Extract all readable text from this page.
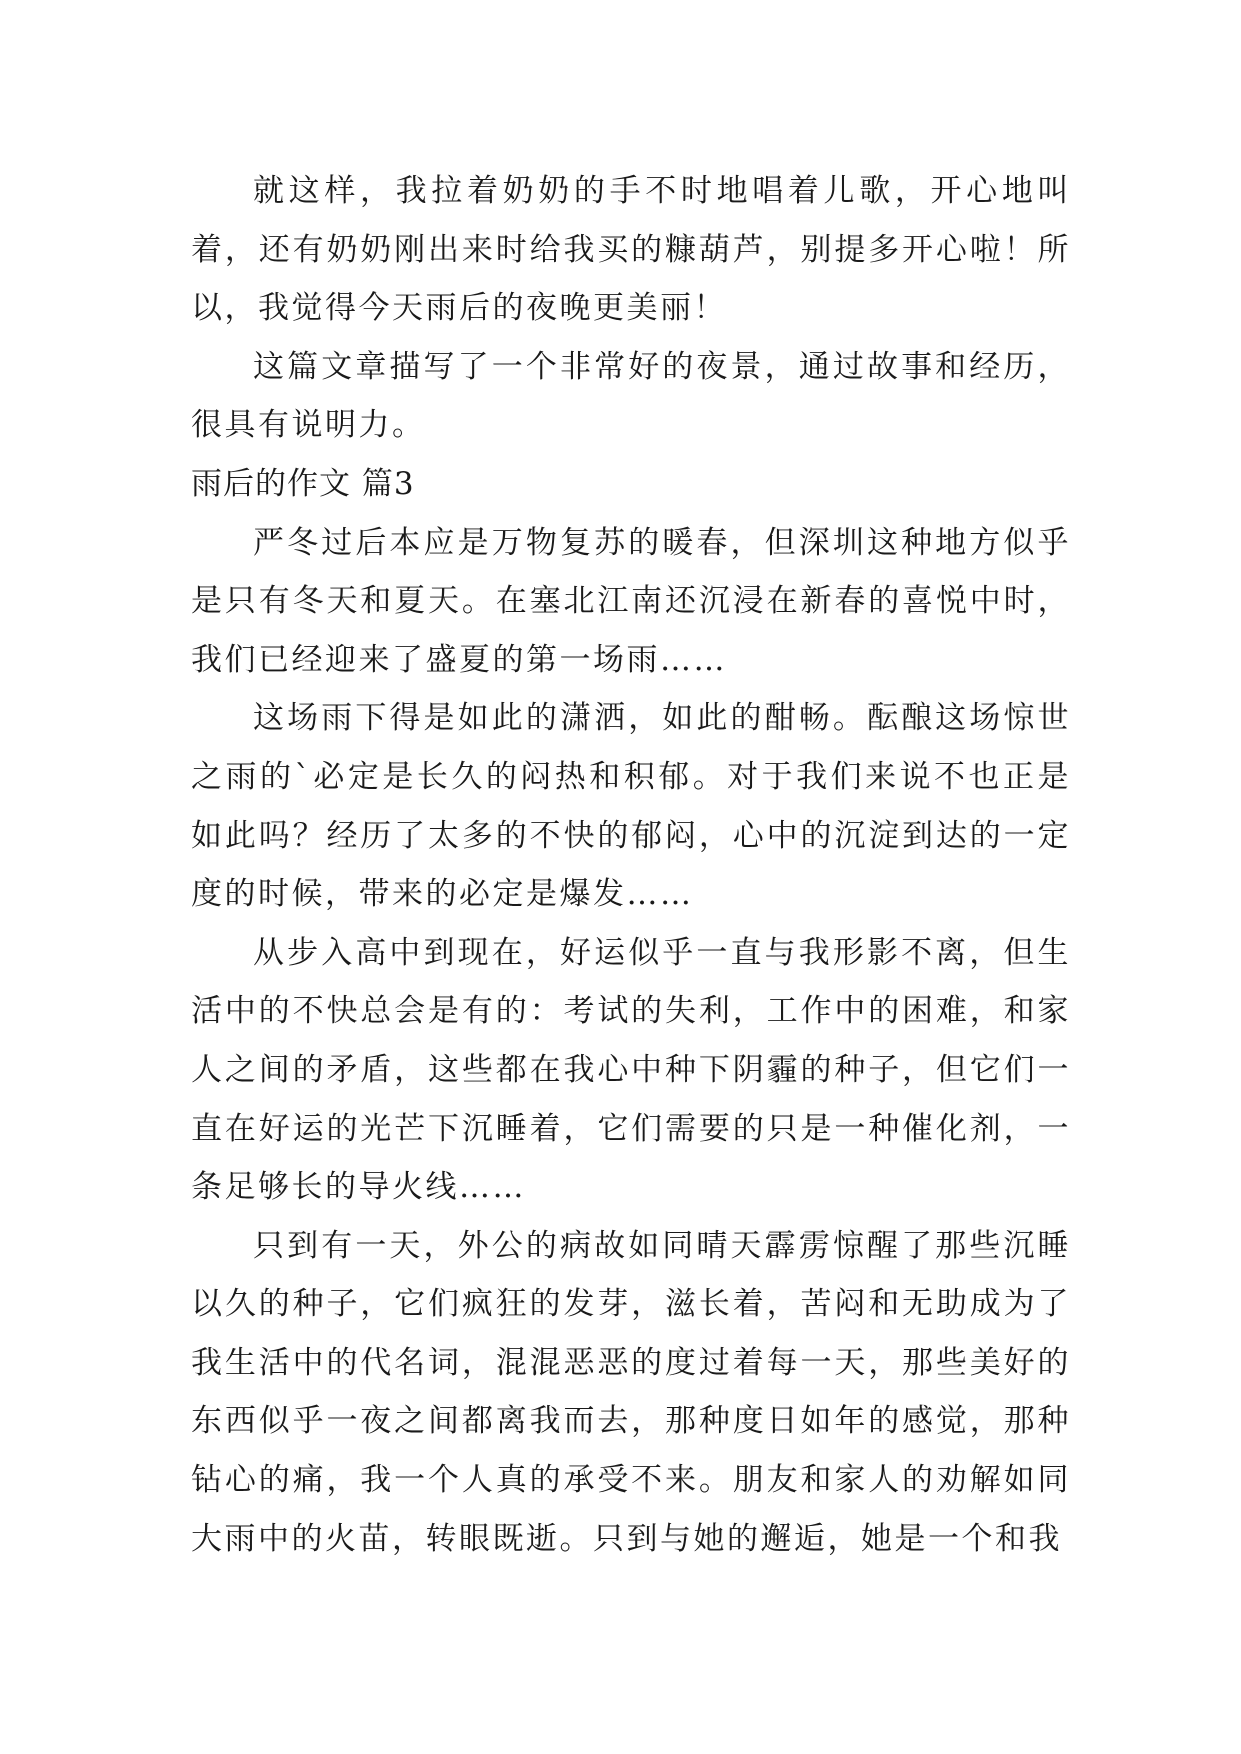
就这样，我拉着奶奶的手不时地唱着儿歌，开心地叫着，还有奶奶刚出来时给我买的糠葫芦，别提多开心啦！所以，我觉得今天雨后的夜晚更美丽！

这篇文章描写了一个非常好的夜景，通过故事和经历，很具有说明力。

雨后的作文 篇3

严冬过后本应是万物复苏的暖春，但深圳这种地方似乎是只有冬天和夏天。在塞北江南还沉浸在新春的喜悦中时，我们已经迎来了盛夏的第一场雨……

这场雨下得是如此的潇洒，如此的酣畅。酝酿这场惊世之雨的`必定是长久的闷热和积郁。对于我们来说不也正是如此吗？经历了太多的不快的郁闷，心中的沉淀到达的一定度的时候，带来的必定是爆发……

从步入高中到现在，好运似乎一直与我形影不离，但生活中的不快总会是有的：考试的失利，工作中的困难，和家人之间的矛盾，这些都在我心中种下阴霾的种子，但它们一直在好运的光芒下沉睡着，它们需要的只是一种催化剂，一条足够长的导火线……

只到有一天，外公的病故如同晴天霹雳惊醒了那些沉睡以久的种子，它们疯狂的发芽，滋长着，苦闷和无助成为了我生活中的代名词，混混恶恶的度过着每一天，那些美好的东西似乎一夜之间都离我而去，那种度日如年的感觉，那种钻心的痛，我一个人真的承受不来。朋友和家人的劝解如同大雨中的火苗，转眼既逝。只到与她的邂逅，她是一个和我
